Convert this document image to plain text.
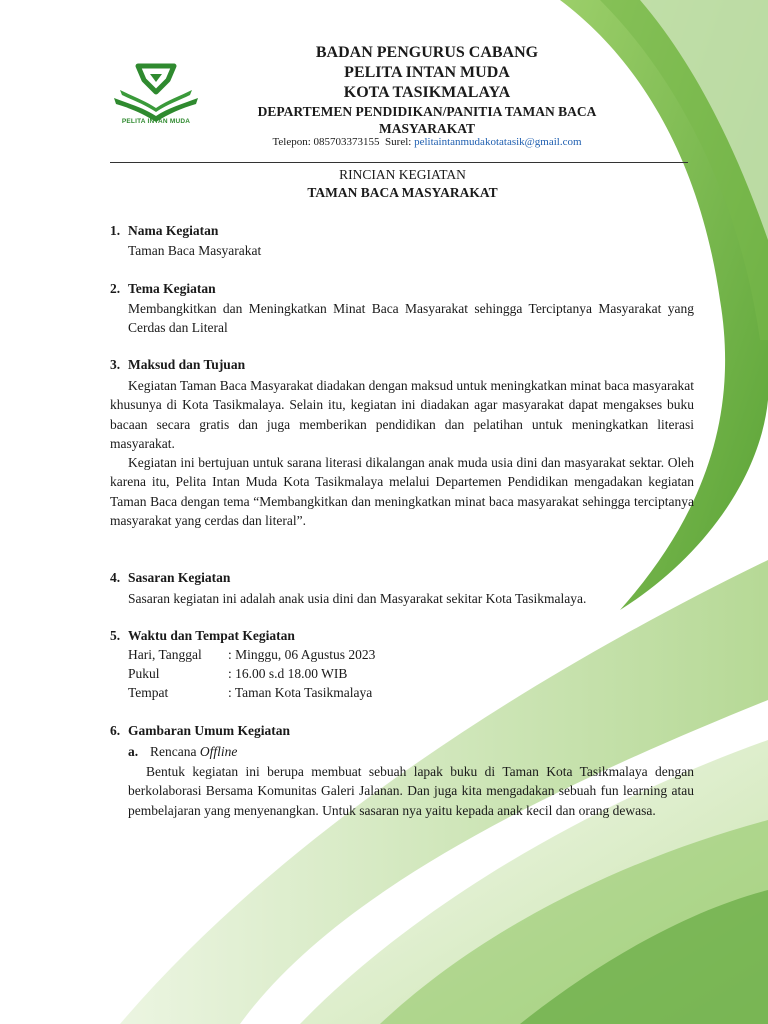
PELITA INTAN MUDA
BADAN PENGURUS CABANG
PELITA INTAN MUDA
KOTA TASIKMALAYA
DEPARTEMEN PENDIDIKAN/PANITIA TAMAN BACA MASYARAKAT
Telepon: 085703373155 Surel: pelitaintanmudakotatasik@gmail.com
RINCIAN KEGIATAN
TAMAN BACA MASYARAKAT
1. Nama Kegiatan
Taman Baca Masyarakat
2. Tema Kegiatan
Membangkitkan dan Meningkatkan Minat Baca Masyarakat sehingga Terciptanya Masyarakat yang Cerdas dan Literal
3. Maksud dan Tujuan
Kegiatan Taman Baca Masyarakat diadakan dengan maksud untuk meningkatkan minat baca masyarakat khusunya di Kota Tasikmalaya. Selain itu, kegiatan ini diadakan agar masyarakat dapat mengakses buku bacaan secara gratis dan juga memberikan pendidikan dan pelatihan untuk meningkatkan literasi masyarakat.
Kegiatan ini bertujuan untuk sarana literasi dikalangan anak muda usia dini dan masyarakat sektar. Oleh karena itu, Pelita Intan Muda Kota Tasikmalaya melalui Departemen Pendidikan mengadakan kegiatan Taman Baca dengan tema “Membangkitkan dan meningkatkan minat baca masyarakat sehingga terciptanya masyarakat yang cerdas dan literal”.
4. Sasaran Kegiatan
Sasaran kegiatan ini adalah anak usia dini dan Masyarakat sekitar Kota Tasikmalaya.
5. Waktu dan Tempat Kegiatan
Hari, Tanggal : Minggu, 06 Agustus 2023
Pukul	: 16.00 s.d 18.00 WIB
Tempat	: Taman Kota Tasikmalaya
6. Gambaran Umum Kegiatan
a. Rencana Offline
Bentuk kegiatan ini berupa membuat sebuah lapak buku di Taman Kota Tasikmalaya dengan berkolaborasi Bersama Komunitas Galeri Jalanan. Dan juga kita mengadakan sebuah fun learning atau pembelajaran yang menyenangkan. Untuk sasaran nya yaitu kepada anak kecil dan orang dewasa.
